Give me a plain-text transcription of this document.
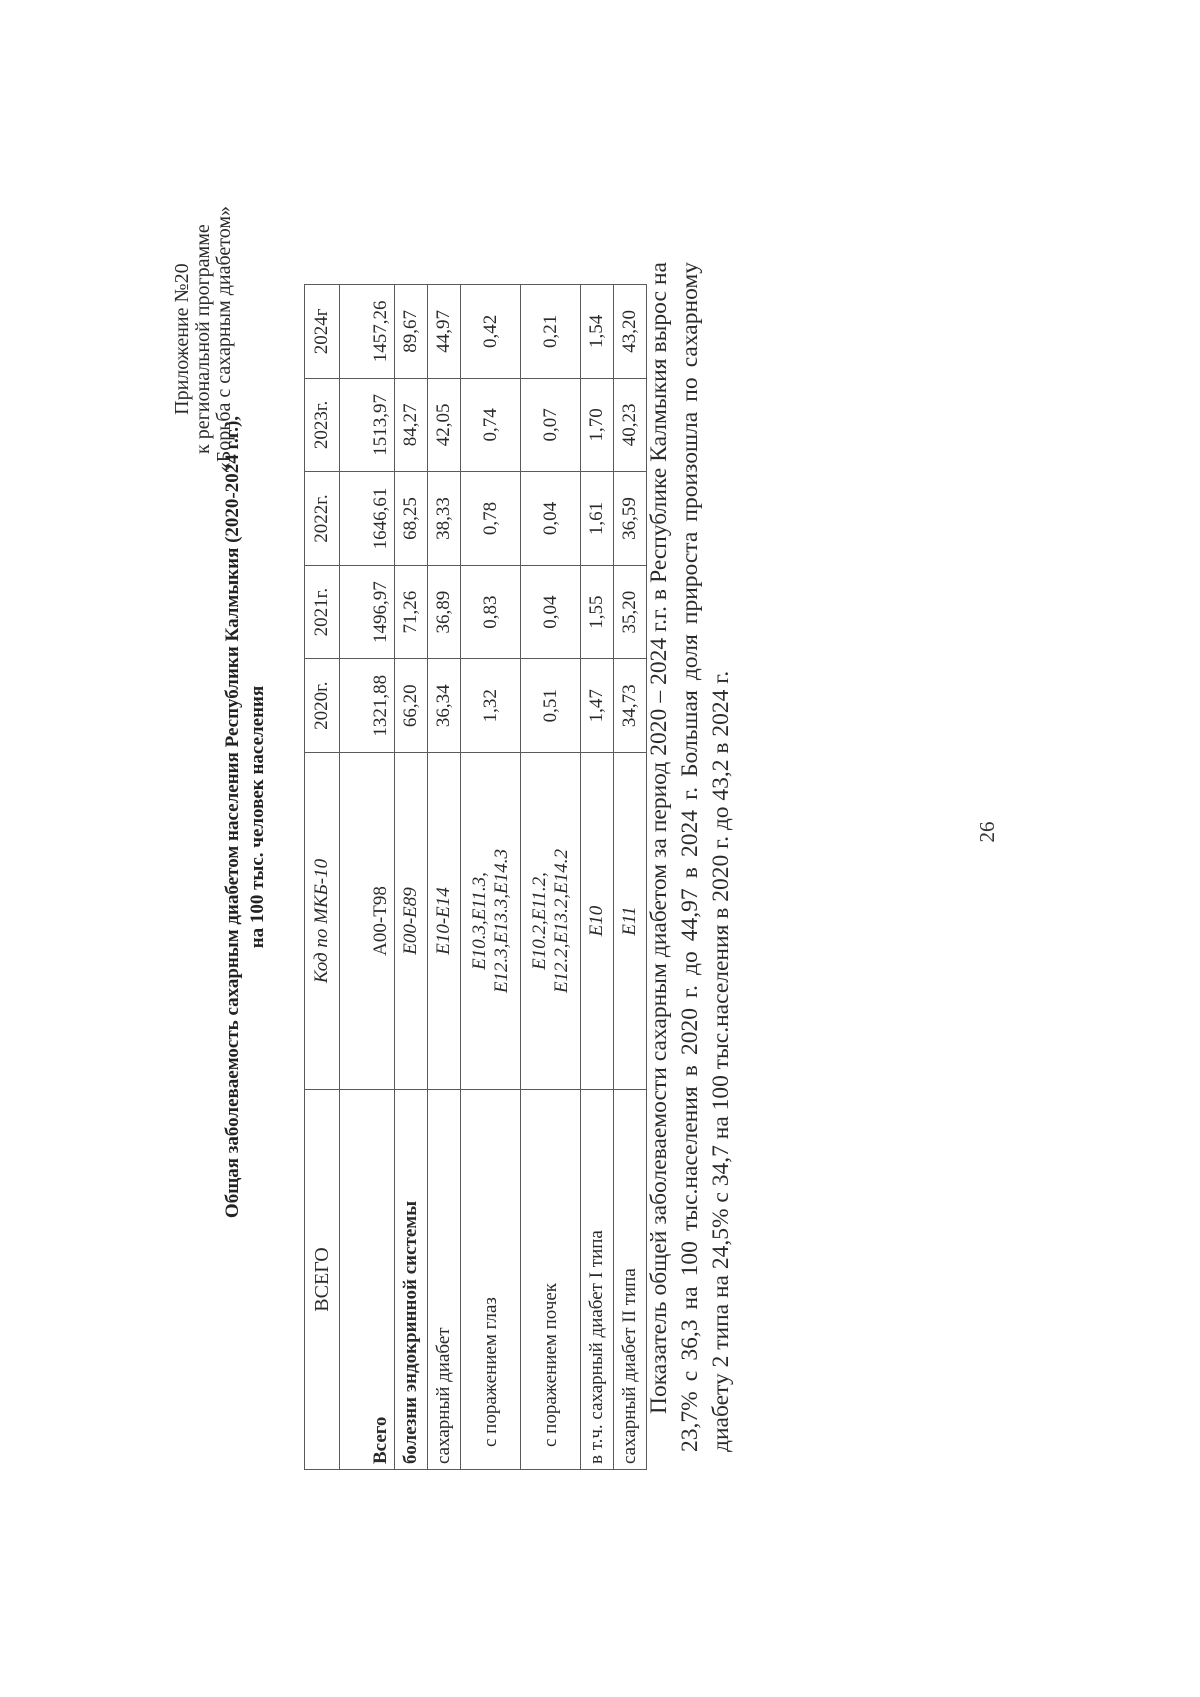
Приложение №20 к региональной программе «Борьба с сахарным диабетом»
Общая заболеваемость сахарным диабетом населения Республики Калмыкия (2020-2024 г.г.), на 100 тыс. человек населения
ВСЕГО	Код по МКБ-10	2020г.	2021г.	2022г.	2023г.	2024г
Всего	А00-Т98	1321,88	1496,97	1646,61	1513,97	1457,26
болезни эндокринной системы	Е00-Е89	66,20	71,26	68,25	84,27	89,67
сахарный диабет	Е10-Е14	36,34	36,89	38,33	42,05	44,97
с поражением глаз	Е10.3,Е11.3, Е12.3,Е13.3,Е14.3	1,32	0,83	0,78	0,74	0,42
с поражением почек	Е10.2,Е11.2, Е12.2,Е13.2,Е14.2	0,51	0,04	0,04	0,07	0,21
в т.ч. сахарный диабет I типа	Е10	1,47	1,55	1,61	1,70	1,54
сахарный диабет II типа	Е11	34,73	35,20	36,59	40,23	43,20 Показатель общей заболеваемости сахарным диабетом за период 2020 – 2024 г.г. в Республике Калмыкия вырос на 23,7% с 36,3 на 100 тыс.населения в 2020 г. до 44,97 в 2024 г. Большая доля прироста произошла по сахарному диабету 2 типа на 24,5% с 34,7 на 100 тыс.населения в 2020 г. до 43,2 в 2024 г.	26
